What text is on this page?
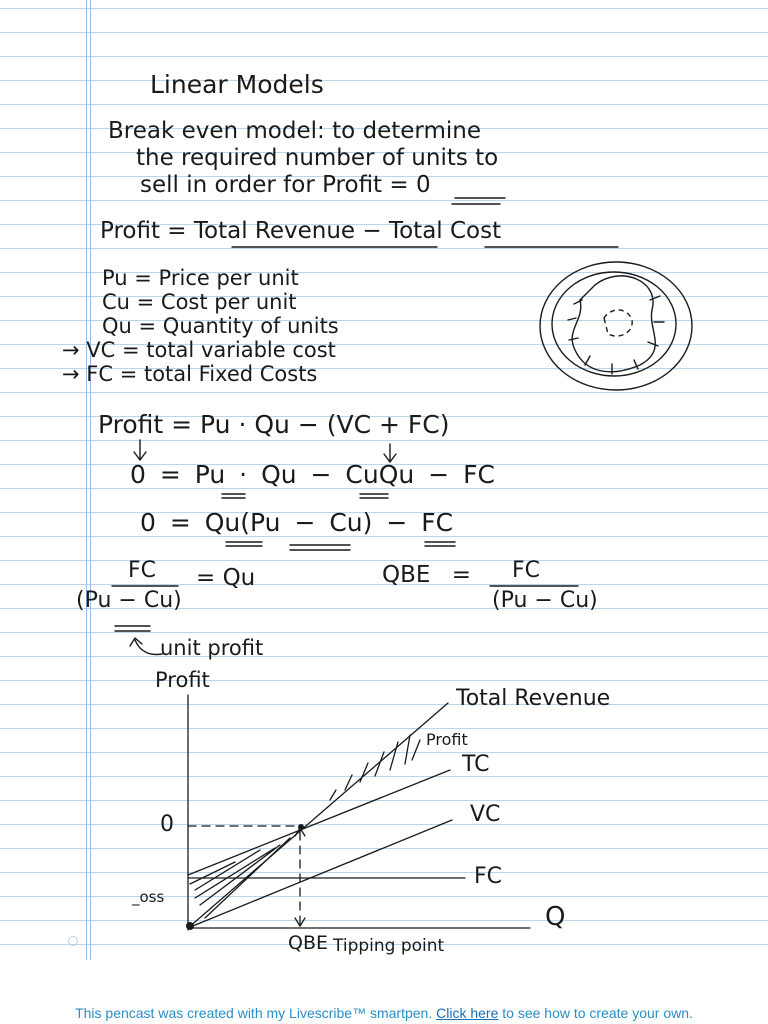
Linear Models
Break even model: to determine
the required number of units to
sell in order for Profit = 0
Profit = Total Revenue − Total Cost
Pu = Price per unit
Cu = Cost per unit
Qu = Quantity of units
→ VC = total variable cost
→ FC = total Fixed Costs
Profit = Pu · Qu − (VC + FC)
0 = Pu · Qu − CuQu − FC
0 = Qu(Pu − Cu) − FC
FC
(Pu − Cu)
= Qu	QBE = FC
(Pu − Cu)
unit profit
Profit
Total Revenue
Profit
TC
VC
FC
0
_oss
Q
QBE Tipping point
This pencast was created with my Livescribe™ smartpen. Click here to see how to create your own.
